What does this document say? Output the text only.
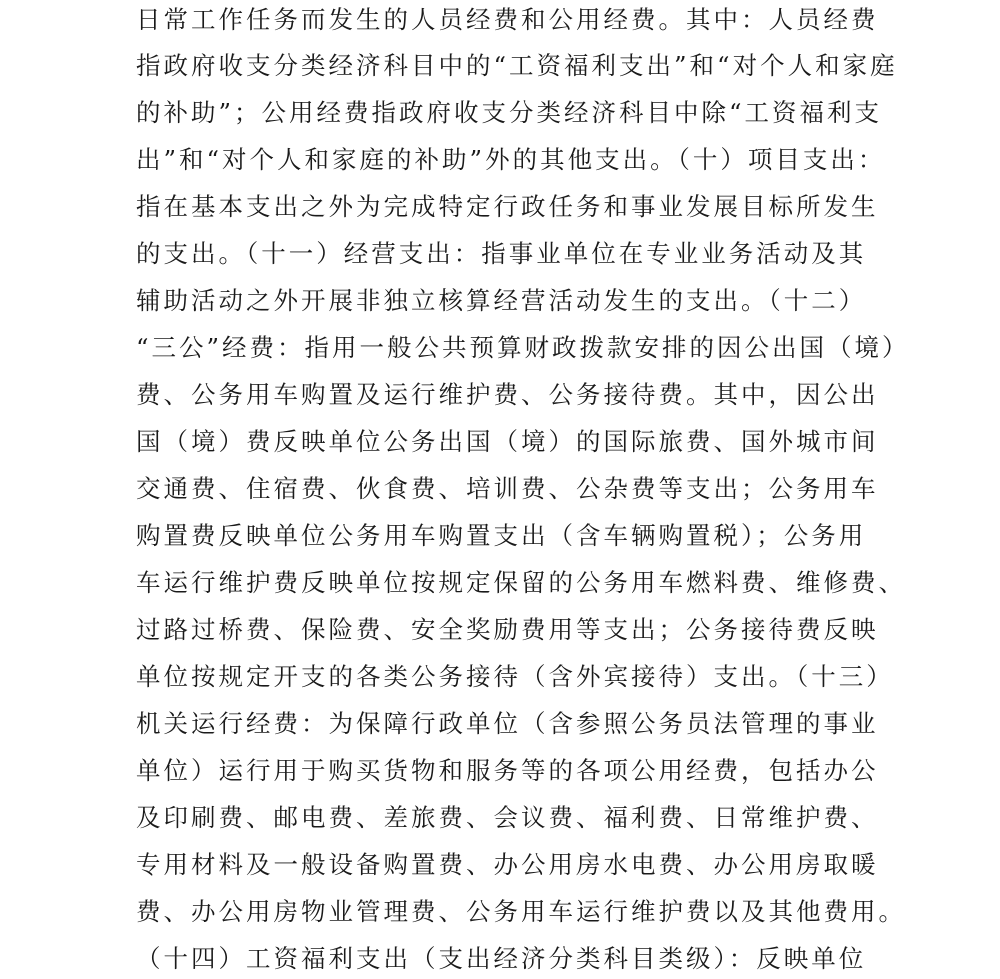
日常工作任务而发生的人员经费和公用经费。其中：人员经费
指政府收支分类经济科目中的“工资福利支出”和“对个人和家庭
的补助”；公用经费指政府收支分类经济科目中除“工资福利支
出”和“对个人和家庭的补助”外的其他支出。（十）项目支出：
指在基本支出之外为完成特定行政任务和事业发展目标所发生
的支出。（十一）经营支出：指事业单位在专业业务活动及其
辅助活动之外开展非独立核算经营活动发生的支出。（十二）
“三公”经费：指用一般公共预算财政拨款安排的因公出国（境）
费、公务用车购置及运行维护费、公务接待费。其中，因公出
国（境）费反映单位公务出国（境）的国际旅费、国外城市间
交通费、住宿费、伙食费、培训费、公杂费等支出；公务用车
购置费反映单位公务用车购置支出（含车辆购置税）；公务用
车运行维护费反映单位按规定保留的公务用车燃料费、维修费、
过路过桥费、保险费、安全奖励费用等支出；公务接待费反映
单位按规定开支的各类公务接待（含外宾接待）支出。（十三）
机关运行经费：为保障行政单位（含参照公务员法管理的事业
单位）运行用于购买货物和服务等的各项公用经费，包括办公
及印刷费、邮电费、差旅费、会议费、福利费、日常维护费、
专用材料及一般设备购置费、办公用房水电费、办公用房取暖
费、办公用房物业管理费、公务用车运行维护费以及其他费用。
（十四）工资福利支出（支出经济分类科目类级）：反映单位
